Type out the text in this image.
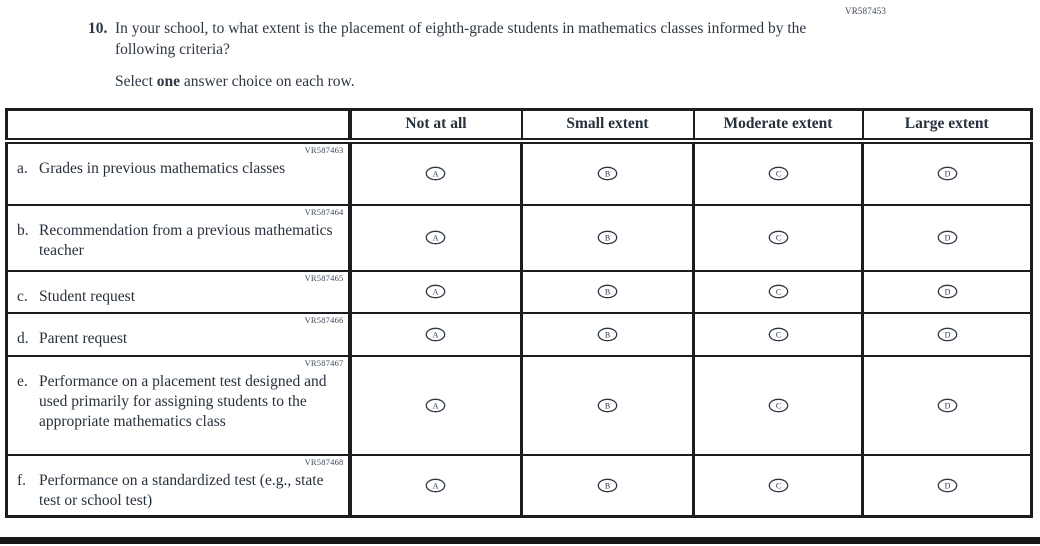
VR587453
10. In your school, to what extent is the placement of eighth-grade students in mathematics classes informed by the following criteria?
Select one answer choice on each row.
	Not at all	Small extent	Moderate extent	Large extent

VR587463
a. Grades in previous mathematics classes	A	B	C	D

VR587464
b. Recommendation from a previous mathematics teacher	A	B	C	D

VR587465
c. Student request	A	B	C	D

VR587466
d. Parent request	A	B	C	D

VR587467
e. Performance on a placement test designed and used primarily for assigning students to the appropriate mathematics class	A	B	C	D

VR587468
f. Performance on a standardized test (e.g., state test or school test)	A	B	C	D
